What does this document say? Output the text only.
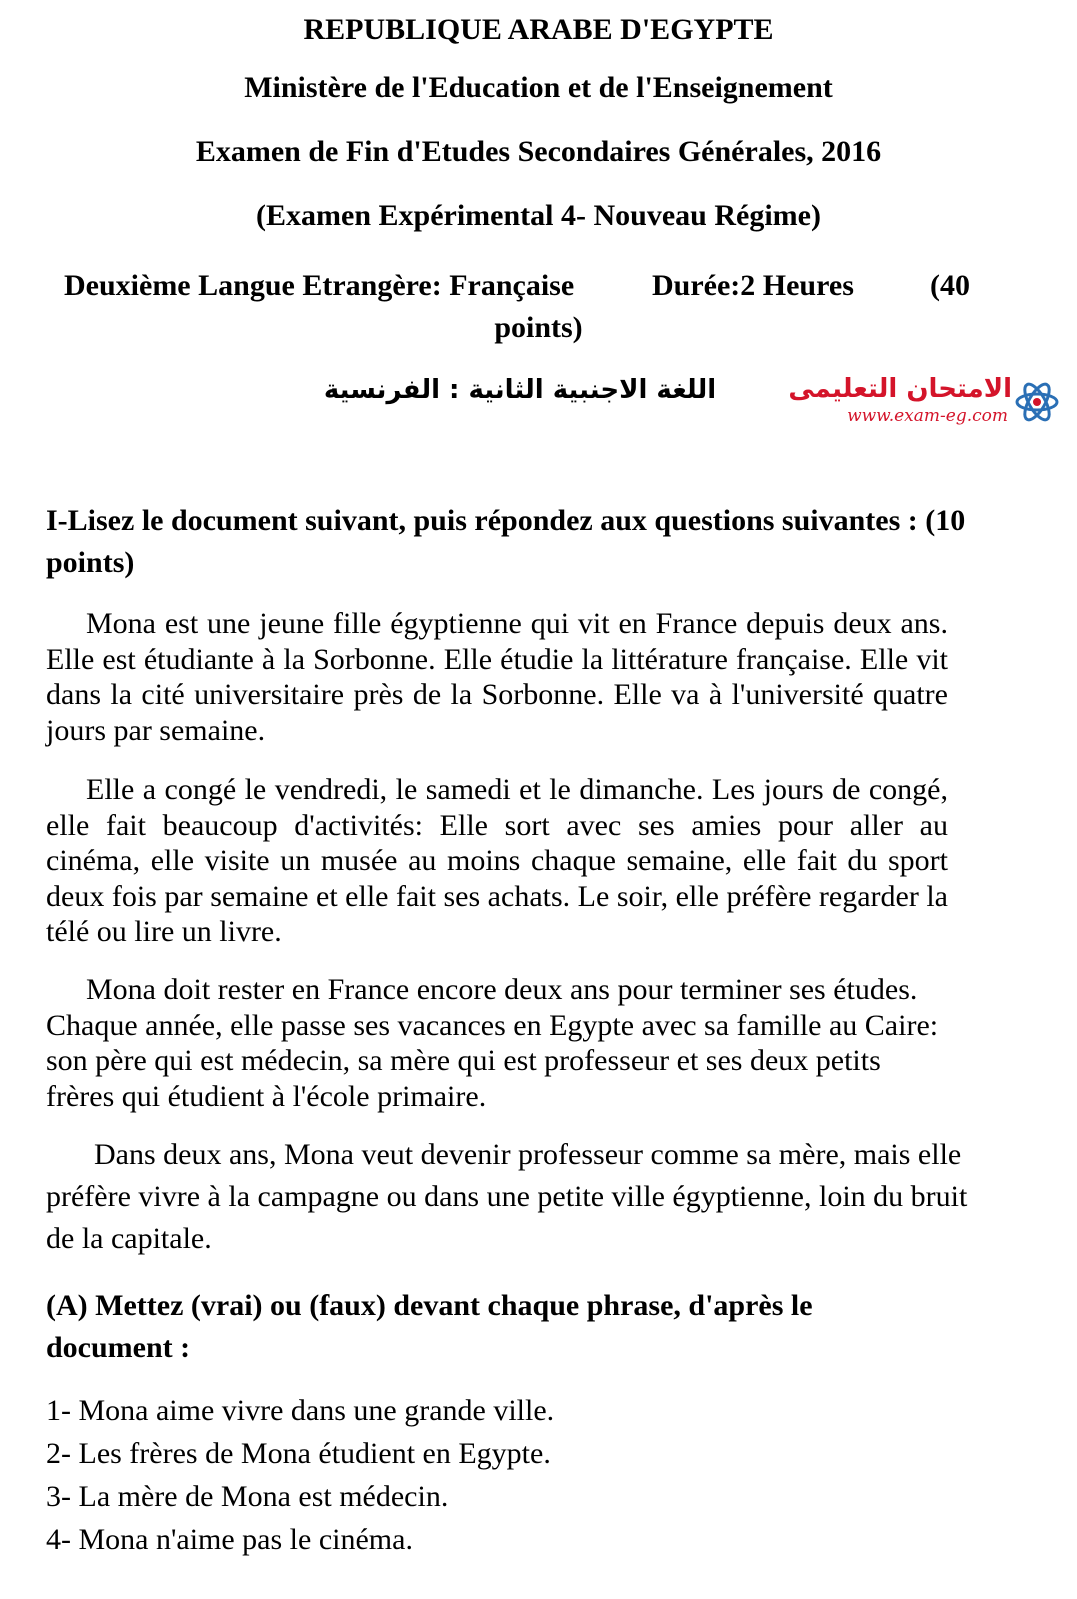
REPUBLIQUE ARABE D'EGYPTE
Ministère de l'Education et de l'Enseignement
Examen de Fin d'Etudes Secondaires Générales, 2016
(Examen Expérimental 4- Nouveau Régime)
Deuxième Langue Etrangère: Française	Durée:2 Heures	(40
points)
اللغة الاجنبية الثانية : الفرنسية	الامتحان التعليمى
www.exam-eg.com
I-Lisez le document suivant, puis répondez aux questions suivantes : (10 points)
Mona est une jeune fille égyptienne qui vit en France depuis deux ans. Elle est étudiante à la Sorbonne. Elle étudie la littérature française. Elle vit dans la cité universitaire près de la Sorbonne. Elle va à l'université quatre jours par semaine.
Elle a congé le vendredi, le samedi et le dimanche. Les jours de congé, elle fait beaucoup d'activités: Elle sort avec ses amies pour aller au cinéma, elle visite un musée au moins chaque semaine, elle fait du sport deux fois par semaine et elle fait ses achats. Le soir, elle préfère regarder la télé ou lire un livre.
Mona doit rester en France encore deux ans pour terminer ses études. Chaque année, elle passe ses vacances en Egypte avec sa famille au Caire: son père qui est médecin, sa mère qui est professeur et ses deux petits frères qui étudient à l'école primaire.
Dans deux ans, Mona veut devenir professeur comme sa mère, mais elle préfère vivre à la campagne ou dans une petite ville égyptienne, loin du bruit de la capitale.
(A) Mettez (vrai) ou (faux) devant chaque phrase, d'après le document :
1- Mona aime vivre dans une grande ville.
2- Les frères de Mona étudient en Egypte.
3- La mère de Mona est médecin.
4- Mona n'aime pas le cinéma.
